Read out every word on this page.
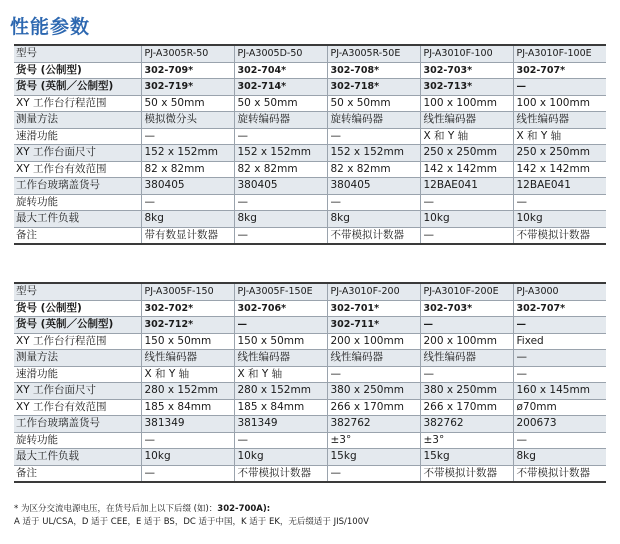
性能参数
型号	PJ-A3005R-50	PJ-A3005D-50	PJ-A3005R-50E	PJ-A3010F-100	PJ-A3010F-100E
货号 (公制型)	302-709*	302-704*	302-708*	302-703*	302-707*
货号 (英制／公制型)	302-719*	302-714*	302-718*	302-713*	—
XY 工作台行程范围	50 x 50mm	50 x 50mm	50 x 50mm	100 x 100mm	100 x 100mm
测量方法	模拟微分头	旋转编码器	旋转编码器	线性编码器	线性编码器
速滑功能	—	—	—	X 和 Y 轴	X 和 Y 轴
XY 工作台面尺寸	152 x 152mm	152 x 152mm	152 x 152mm	250 x 250mm	250 x 250mm
XY 工作台有效范围	82 x 82mm	82 x 82mm	82 x 82mm	142 x 142mm	142 x 142mm
工作台玻璃盖货号	380405	380405	380405	12BAE041	12BAE041
旋转功能	—	—	—	—	—
最大工件负载	8kg	8kg	8kg	10kg	10kg
备注	带有数显计数器	—	不带模拟计数器	—	不带模拟计数器
型号	PJ-A3005F-150	PJ-A3005F-150E	PJ-A3010F-200	PJ-A3010F-200E	PJ-A3000
货号 (公制型)	302-702*	302-706*	302-701*	302-703*	302-707*
货号 (英制／公制型)	302-712*	—	302-711*	—	—
XY 工作台行程范围	150 x 50mm	150 x 50mm	200 x 100mm	200 x 100mm	Fixed
测量方法	线性编码器	线性编码器	线性编码器	线性编码器	—
速滑功能	X 和 Y 轴	X 和 Y 轴	—	—	—
XY 工作台面尺寸	280 x 152mm	280 x 152mm	380 x 250mm	380 x 250mm	160 x 145mm
XY 工作台有效范围	185 x 84mm	185 x 84mm	266 x 170mm	266 x 170mm	ø70mm
工作台玻璃盖货号	381349	381349	382762	382762	200673
旋转功能	—	—	±3°	±3°	—
最大工件负载	10kg	10kg	15kg	15kg	8kg
备注	—	不带模拟计数器	—	不带模拟计数器	不带模拟计数器
* 为区分交流电源电压，在货号后加上以下后缀 (如)：302-700A):
A 适于 UL/CSA，D 适于 CEE，E 适于 BS，DC 适于中国，K 适于 EK，无后缀适于 JIS/100V
